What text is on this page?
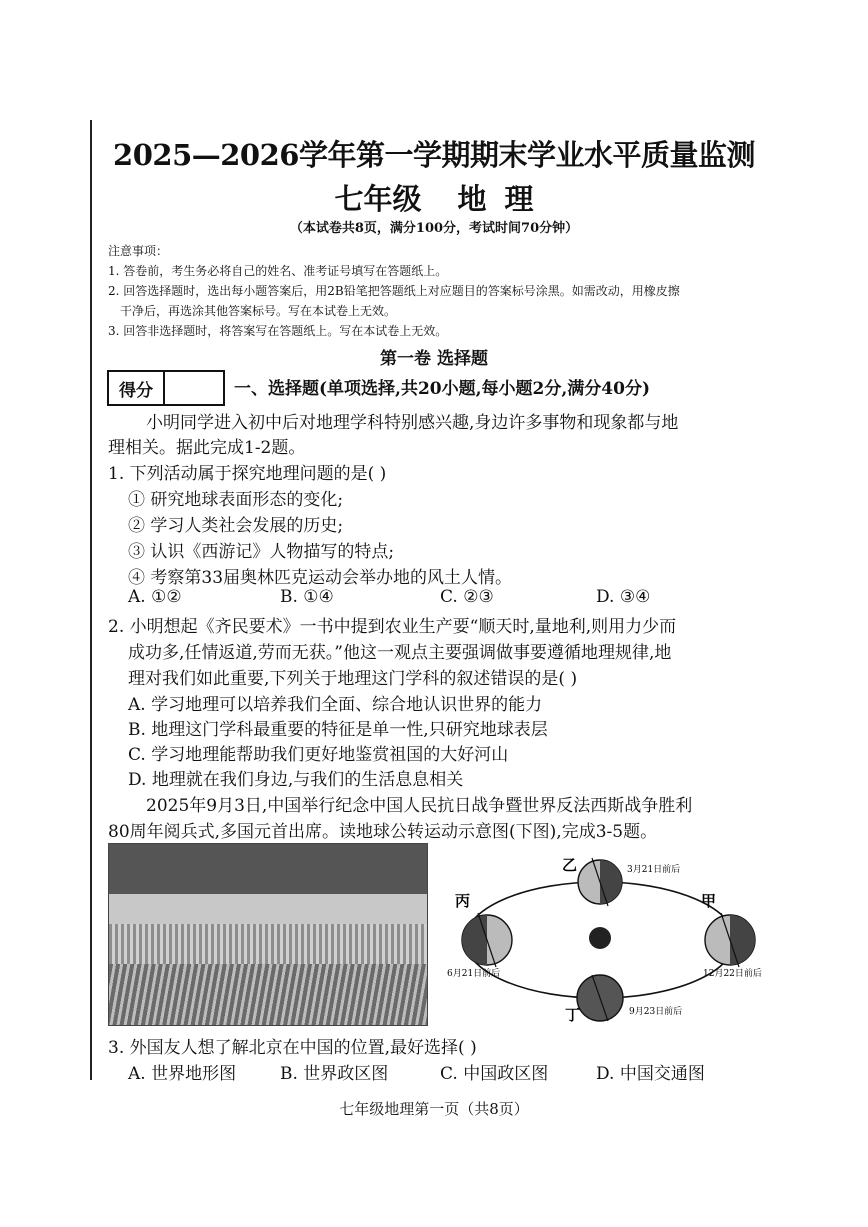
2025—2026学年第一学期期末学业水平质量监测
七年级 地 理
（本试卷共8页，满分100分，考试时间70分钟）
注意事项：
1. 答卷前，考生务必将自己的姓名、准考证号填写在答题纸上。
2. 回答选择题时，选出每小题答案后，用2B铅笔把答题纸上对应题目的答案标号涂黑。如需改动，用橡皮擦
干净后，再选涂其他答案标号。写在本试卷上无效。
3. 回答非选择题时，将答案写在答题纸上。写在本试卷上无效。
第一卷 选择题
得分	一、选择题(单项选择,共20小题,每小题2分,满分40分)
小明同学进入初中后对地理学科特别感兴趣,身边许多事物和现象都与地
理相关。据此完成1-2题。
1. 下列活动属于探究地理问题的是( )
① 研究地球表面形态的变化;
② 学习人类社会发展的历史;
③ 认识《西游记》人物描写的特点;
④ 考察第33届奥林匹克运动会举办地的风土人情。
A. ①②	B. ①④	C. ②③	D. ③④
2. 小明想起《齐民要术》一书中提到农业生产要“顺天时,量地利,则用力少而
成功多,任情返道,劳而无获。”他这一观点主要强调做事要遵循地理规律,地
理对我们如此重要,下列关于地理这门学科的叙述错误的是( )
A. 学习地理可以培养我们全面、综合地认识世界的能力
B. 地理这门学科最重要的特征是单一性,只研究地球表层
C. 学习地理能帮助我们更好地鉴赏祖国的大好河山
D. 地理就在我们身边,与我们的生活息息相关
2025年9月3日,中国举行纪念中国人民抗日战争暨世界反法西斯战争胜利
80周年阅兵式,多国元首出席。读地球公转运动示意图(下图),完成3-5题。
乙
丙	甲
丁
3月21日前后
6月21日前后	12月22日前后
9月23日前后
3. 外国友人想了解北京在中国的位置,最好选择( )
A. 世界地形图	B. 世界政区图	C. 中国政区图	D. 中国交通图
七年级地理第一页（共8页）
